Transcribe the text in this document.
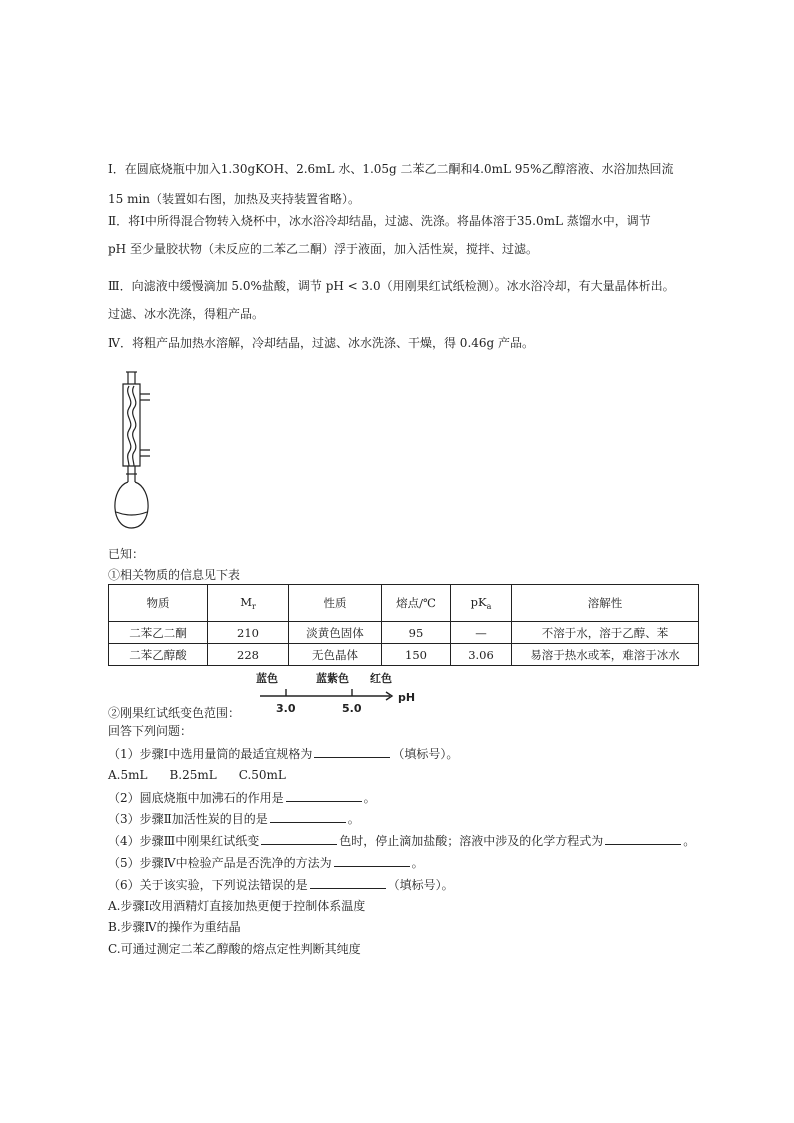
Ⅰ．在圆底烧瓶中加入1.30gKOH、2.6mL 水、1.05g 二苯乙二酮和4.0mL 95%乙醇溶液、水浴加热回流
15 min（装置如右图，加热及夹持装置省略）。
Ⅱ．将Ⅰ中所得混合物转入烧杯中，冰水浴冷却结晶，过滤、洗涤。将晶体溶于35.0mL 蒸馏水中，调节
pH 至少量胶状物（未反应的二苯乙二酮）浮于液面，加入活性炭，搅拌、过滤。
Ⅲ．向滤液中缓慢滴加 5.0%盐酸，调节 pH < 3.0（用刚果红试纸检测）。冰水浴冷却，有大量晶体析出。
过滤、冰水洗涤，得粗产品。
Ⅳ．将粗产品加热水溶解，冷却结晶，过滤、冰水洗涤、干燥，得 0.46g 产品。
已知：
①相关物质的信息见下表
物质	$M_r$	性质	熔点/℃	$pK_a$	溶解性
二苯乙二酮	210	淡黄色固体	95	—	不溶于水，溶于乙醇、苯
二苯乙醇酸	228	无色晶体	150	3.06	易溶于热水或苯，难溶于冰水
蓝色	蓝紫色 红色
3.0	5.0
pH
②刚果红试纸变色范围：
回答下列问题：
（1）步骤Ⅰ中选用量筒的最适宜规格为	（填标号）。
A.5mL B.25mL C.50mL
（2）圆底烧瓶中加沸石的作用是	。
（3）步骤Ⅱ加活性炭的目的是	。
（4）步骤Ⅲ中刚果红试纸变	色时，停止滴加盐酸；溶液中涉及的化学方程式为	。
（5）步骤Ⅳ中检验产品是否洗净的方法为	。
（6）关于该实验，下列说法错误的是	（填标号）。
A.步骤Ⅰ改用酒精灯直接加热更便于控制体系温度
B.步骤Ⅳ的操作为重结晶
C.可通过测定二苯乙醇酸的熔点定性判断其纯度
